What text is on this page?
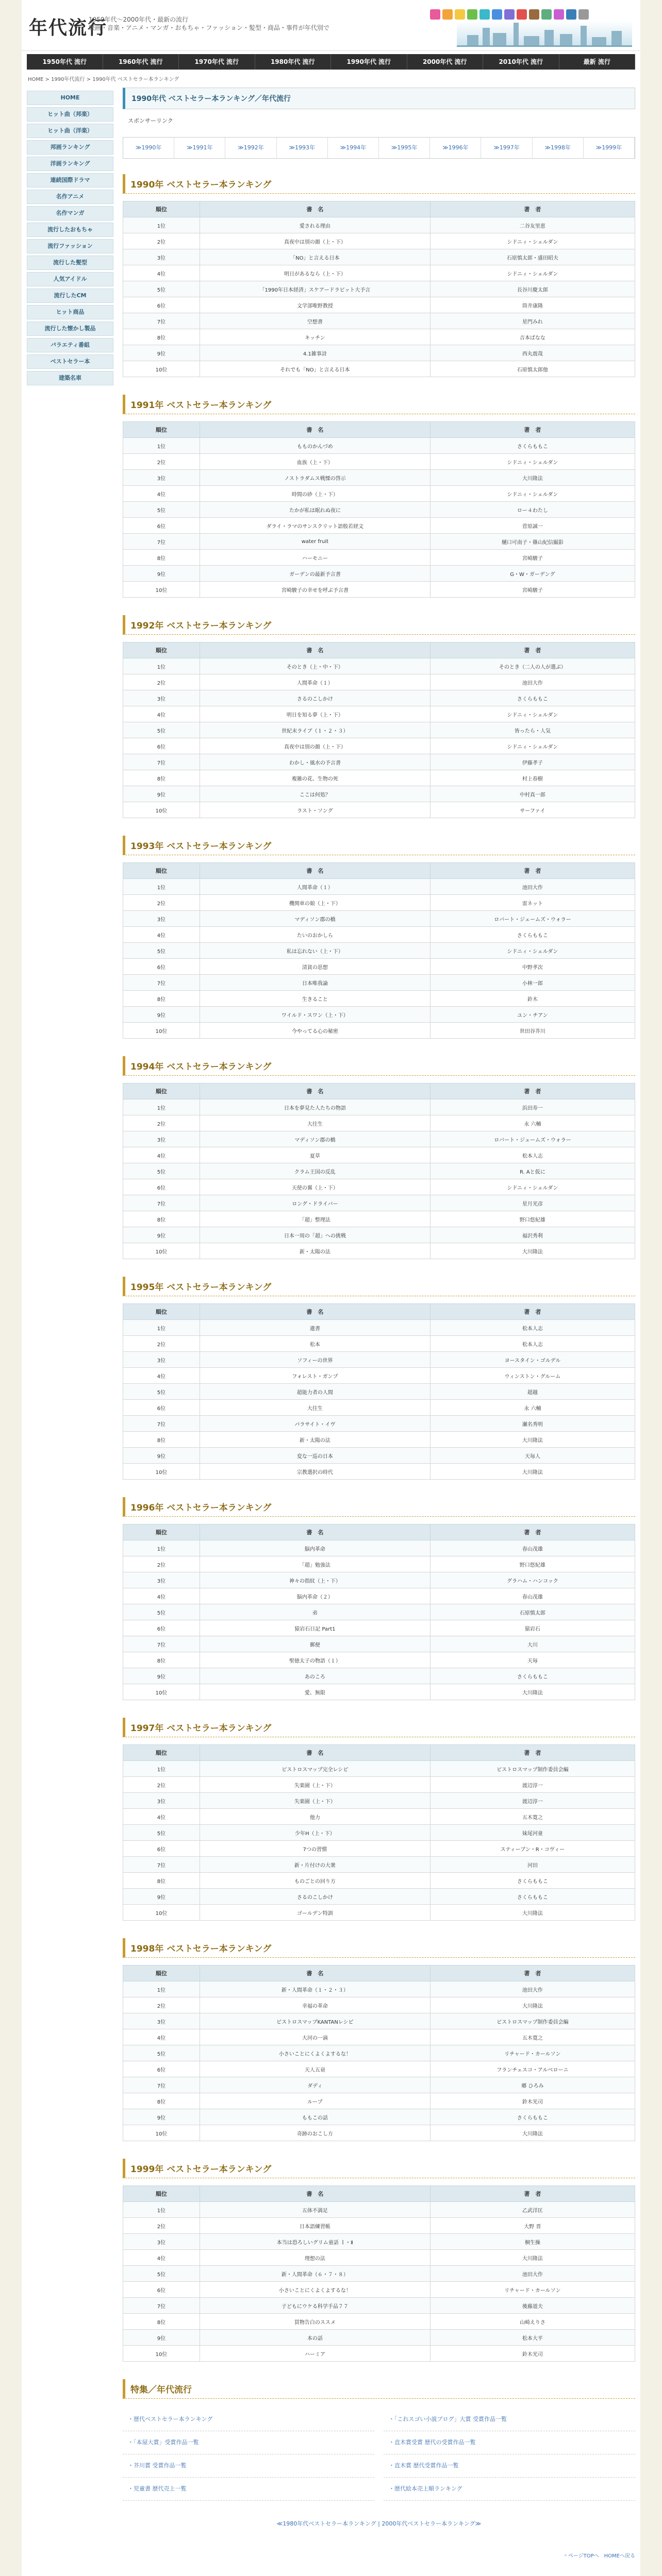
年代流行
1950年代〜2000年代・最新の流行
映画・音楽・アニメ・マンガ・おもちゃ・ファッション・髪型・商品・事件が年代別で
1950年代 流行	1960年代 流行	1970年代 流行	1980年代 流行	1990年代 流行	2000年代 流行	2010年代 流行	最新 流行
HOME > 1990年代流行 > 1990年代 ベストセラー本ランキング
HOME
ヒット曲（邦楽）
ヒット曲（洋楽）
邦画ランキング
洋画ランキング
連続国際ドラマ
名作アニメ
名作マンガ
流行したおもちゃ
流行ファッション
流行した髪型
人気アイドル
流行したCM
ヒット商品
流行した懐かし製品
バラエティ番組
ベストセラー本
建築名車
1990年代 ベストセラー本ランキング／年代流行
スポンサーリンク
≫1990年	≫1991年	≫1992年	≫1993年	≫1994年	≫1995年	≫1996年	≫1997年	≫1998年	≫1999年
1990年 ベストセラー本ランキング
順位	書　名	著　者
1位	愛される理由	二谷友里恵
2位	真夜中は別の顔（上・下）	シドニィ・シェルダン
3位	「NO」と言える日本	石原慎太郎・盛田昭夫
4位	明日があるなら（上・下）	シドニィ・シェルダン
5位	「1990年日本経済」スケアードラビット大予言	長谷川慶太郎
6位	文学部唯野教授	筒井康隆
7位	空想書	星門みれ
8位	キッチン	吉本ばなな
9位	4.1雑事詩	西丸震哉
10位	それでも「NO」と言える日本	石原慎太郎他
1991年 ベストセラー本ランキング
順位	書　名	著　者
1位	もものかんづめ	さくらももこ
2位	血族（上・下）	シドニィ・シェルダン
3位	ノストラダムス戦慄の啓示	大川隆法
4位	時間の砂（上・下）	シドニィ・シェルダン
5位	たかが私は眠れぬ夜に	ロー４わたし
6位	ダライ・ラマのサンスクリット語般若経文	菅原誠一
7位	water fruit	樋口可南子・篠山紀信撮影
8位	ハーモニー	宮崎駿子
9位	ガーデンの最新予言書	G・W・ガーデング
10位	宮崎駿子の幸せを呼ぶ予言書	宮崎駿子
1992年 ベストセラー本ランキング
順位	書　名	著　者
1位	そのとき（上・中・下）	そのとき（二人の人が選ぶ）
2位	人間革命（１）	池田大作
3位	さるのこしかけ	さくらももこ
4位	明日を知る夢（上・下）	シドニィ・シェルダン
5位	世紀末ライブ（１・２・３）	皆ったら・人気
6位	真夜中は別の顔（上・下）	シドニィ・シェルダン
7位	わかし・風水の予言書	伊藤孝子
8位	複雑の花、生物の死	村上春樹
9位	ここは何処？	中村真一郎
10位	ラスト・ソング	サーファイ
1993年 ベストセラー本ランキング
順位	書　名	著　者
1位	人間革命（１）	池田大作
2位	機関車の娘（上・下）	雷ネット
3位	マディソン郡の橋	ロバート・ジェームズ・ウォラー
4位	たいのおかしら	さくらももこ
5位	私は忘れない（上・下）	シドニィ・シェルダン
6位	清貧の思想	中野孝次
7位	日本唯我論	小林一郎
8位	生きること	鈴木
9位	ワイルド・スワン（上・下）	ユン・チアン
10位	今やってる心の秘密	世田谷芥川
1994年 ベストセラー本ランキング
順位	書　名	著　者
1位	日本を夢見た人たちの物語	浜田寿一
2位	大往生	永 六輔
3位	マディソン郡の橋	ロバート・ジェームズ・ウォラー
4位	夏草	松本人志
5位	クラム王国の反乱	R. Aと仮に
6位	天使の翼（上・下）	シドニィ・シェルダン
7位	ロング・ドライバー	星月光彦
8位	「超」整理法	野口悠紀雄
9位	日本一周の「超」への挑戦	福沢秀利
10位	新・太陽の法	大川隆法
1995年 ベストセラー本ランキング
順位	書　名	著　者
1位	遺書	松本人志
2位	松本	松本人志
3位	ソフィーの世界	ヨースタイン・ゴルデル
4位	フォレスト・ガンプ	ウィンストン・グルーム
5位	超能力者の人間	超越
6位	大往生	永 六輔
7位	パラサイト・イヴ	瀬名秀明
8位	新・太陽の法	大川隆法
9位	変な一巡の日本	天毎人
10位	宗教選択の時代	大川隆法
1996年 ベストセラー本ランキング
順位	書　名	著　者
1位	脳内革命	春山茂雄
2位	「超」勉強法	野口悠紀雄
3位	神々の指紋（上・下）	グラハム・ハンコック
4位	脳内革命（２）	春山茂雄
5位	弟	石原慎太郎
6位	猿岩石日記 Part1	猿岩石
7位	郵便	大川
8位	聖徳太子の物語（１）	天毎
9位	あのころ	さくらももこ
10位	愛、無限	大川隆法
1997年 ベストセラー本ランキング
順位	書　名	著　者
1位	ビストロスマップ完全レシピ	ビストロスマップ制作委員会編
2位	失楽園（上・下）	渡辺淳一
3位	失楽園（上・下）	渡辺淳一
4位	他力	五木寛之
5位	少年H（上・下）	妹尾河童
6位	7つの習慣	スティーブン・R・コヴィー
7位	新・片付けの大衆	河田
8位	ものごとの回り方	さくらももこ
9位	さるのこしかけ	さくらももこ
10位	ゴールデン特訓	大川隆法
1998年 ベストセラー本ランキング
順位	書　名	著　者
1位	新・人間革命（１・２・３）	池田大作
2位	幸福の革命	大川隆法
3位	ビストロスマップKANTANレシピ	ビストロスマップ制作委員会編
4位	大河の一滴	五木寛之
5位	小さいことにくよくよするな！	リチャード・カールソン
6位	天人五衰	フランチェスコ・アルベローニ
7位	ダディ	郷 ひろみ
8位	ループ	鈴木光司
9位	ももこの話	さくらももこ
10位	奇跡のおこし方	大川隆法
1999年 ベストセラー本ランキング
順位	書　名	著　者
1位	五体不満足	乙武洋匡
2位	日本語練習帳	大野 晋
3位	本当は恐ろしいグリム童話 Ｉ・Ⅱ	桐生操
4位	理想の法	大川隆法
5位	新・人間革命（６・７・８）	池田大作
6位	小さいことにくよくよするな！	リチャード・カールソン
7位	子どもにウケる科学手品７７	後藤道夫
8位	買物告白のススメ	山崎えりさ
9位	本の話	松本大平
10位	ハーミア	鈴木光司
特集／年代流行
・歴代ベストセラー本ランキング	・「これスゴい小説ブログ」大賞 受賞作品一覧
・「本屋大賞」受賞作品一覧	・直木賞受賞 歴代の受賞作品一覧
・芥川賞 受賞作品一覧	・直木賞 歴代受賞作品一覧
・児童書 歴代売上一覧	・歴代絵本売上順ランキング
≪1980年代ベストセラー本ランキング | 2000年代ベストセラー本ランキング≫
＾ページTOPへ　HOMEへ戻る
